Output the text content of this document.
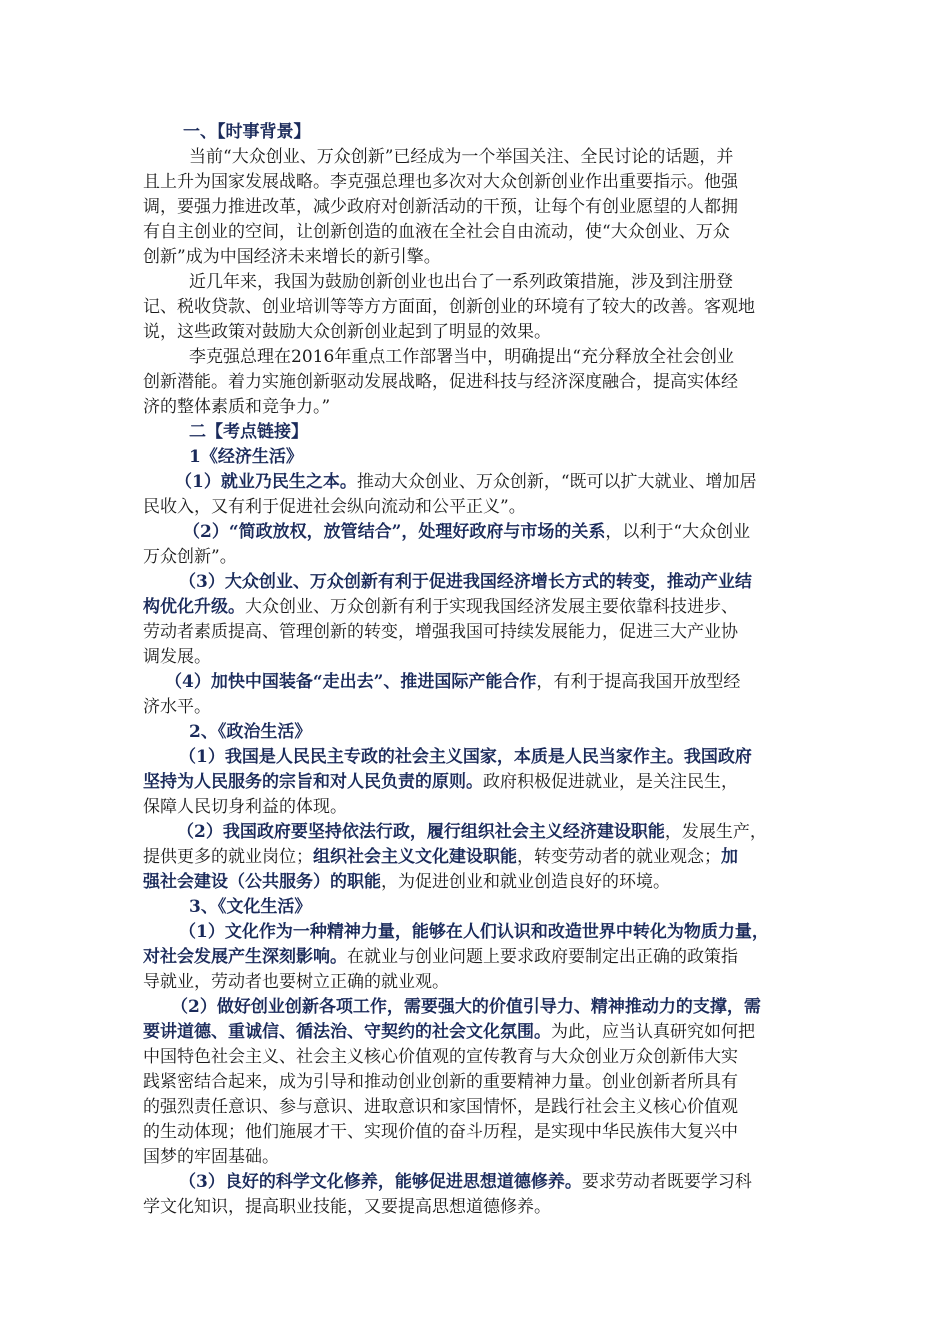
一、【时事背景】
当前“大众创业、万众创新”已经成为一个举国关注、全民讨论的话题，并
且上升为国家发展战略。李克强总理也多次对大众创新创业作出重要指示。他强
调，要强力推进改革，减少政府对创新活动的干预，让每个有创业愿望的人都拥
有自主创业的空间，让创新创造的血液在全社会自由流动，使“大众创业、万众
创新”成为中国经济未来增长的新引擎。
近几年来，我国为鼓励创新创业也出台了一系列政策措施，涉及到注册登
记、税收贷款、创业培训等等方方面面，创新创业的环境有了较大的改善。客观地
说，这些政策对鼓励大众创新创业起到了明显的效果。
李克强总理在2016年重点工作部署当中，明确提出“充分释放全社会创业
创新潜能。着力实施创新驱动发展战略，促进科技与经济深度融合，提高实体经
济的整体素质和竞争力。”
二【考点链接】
1《经济生活》
（1）就业乃民生之本。推动大众创业、万众创新，“既可以扩大就业、增加居
民收入，又有利于促进社会纵向流动和公平正义”。
（2）“简政放权，放管结合”，处理好政府与市场的关系，以利于“大众创业
万众创新”。
（3）大众创业、万众创新有利于促进我国经济增长方式的转变，推动产业结
构优化升级。大众创业、万众创新有利于实现我国经济发展主要依靠科技进步、
劳动者素质提高、管理创新的转变，增强我国可持续发展能力，促进三大产业协
调发展。
（4）加快中国装备“走出去”、推进国际产能合作，有利于提高我国开放型经
济水平。
2、《政治生活》
（1）我国是人民民主专政的社会主义国家，本质是人民当家作主。我国政府
坚持为人民服务的宗旨和对人民负责的原则。政府积极促进就业，是关注民生，
保障人民切身利益的体现。
（2）我国政府要坚持依法行政，履行组织社会主义经济建设职能，发展生产，
提供更多的就业岗位；组织社会主义文化建设职能，转变劳动者的就业观念；加
强社会建设（公共服务）的职能，为促进创业和就业创造良好的环境。
3、《文化生活》
（1）文化作为一种精神力量，能够在人们认识和改造世界中转化为物质力量，
对社会发展产生深刻影响。在就业与创业问题上要求政府要制定出正确的政策指
导就业，劳动者也要树立正确的就业观。
（2）做好创业创新各项工作，需要强大的价值引导力、精神推动力的支撑，需
要讲道德、重诚信、循法治、守契约的社会文化氛围。为此，应当认真研究如何把
中国特色社会主义、社会主义核心价值观的宣传教育与大众创业万众创新伟大实
践紧密结合起来，成为引导和推动创业创新的重要精神力量。创业创新者所具有
的强烈责任意识、参与意识、进取意识和家国情怀，是践行社会主义核心价值观
的生动体现；他们施展才干、实现价值的奋斗历程，是实现中华民族伟大复兴中
国梦的牢固基础。
（3）良好的科学文化修养，能够促进思想道德修养。要求劳动者既要学习科
学文化知识，提高职业技能，又要提高思想道德修养。
